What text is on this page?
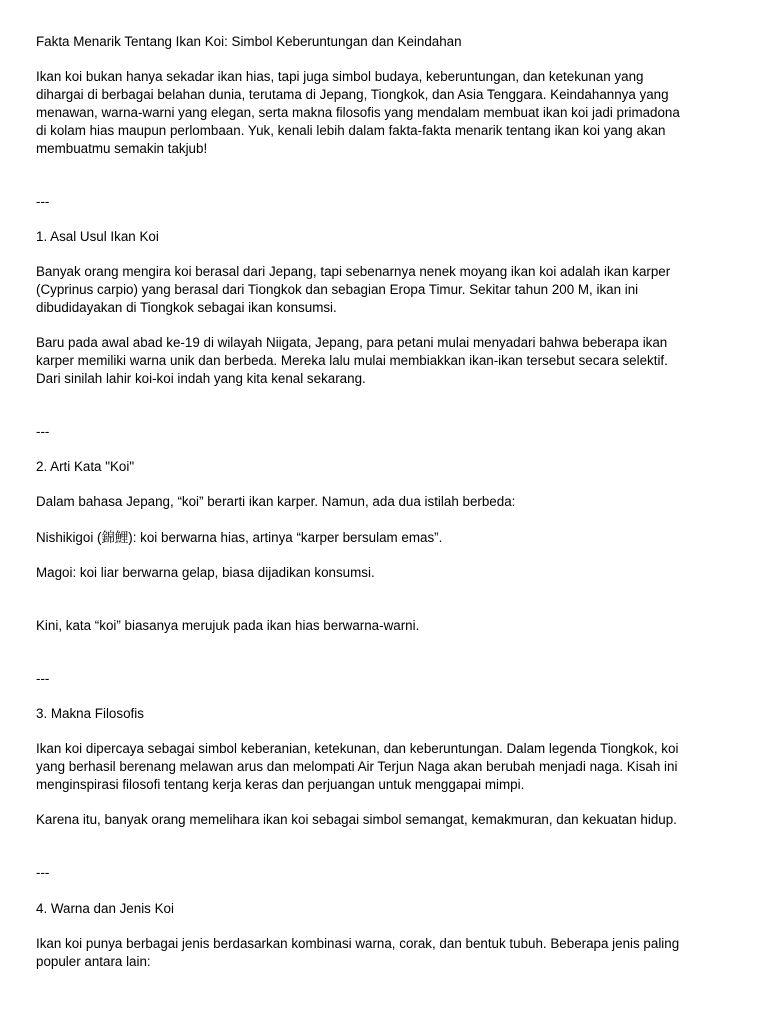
Fakta Menarik Tentang Ikan Koi: Simbol Keberuntungan dan Keindahan

Ikan koi bukan hanya sekadar ikan hias, tapi juga simbol budaya, keberuntungan, dan ketekunan yang

dihargai di berbagai belahan dunia, terutama di Jepang, Tiongkok, dan Asia Tenggara. Keindahannya yang

menawan, warna-warni yang elegan, serta makna filosofis yang mendalam membuat ikan koi jadi primadona

di kolam hias maupun perlombaan. Yuk, kenali lebih dalam fakta-fakta menarik tentang ikan koi yang akan

membuatmu semakin takjub!

---

1. Asal Usul Ikan Koi

Banyak orang mengira koi berasal dari Jepang, tapi sebenarnya nenek moyang ikan koi adalah ikan karper

(Cyprinus carpio) yang berasal dari Tiongkok dan sebagian Eropa Timur. Sekitar tahun 200 M, ikan ini

dibudidayakan di Tiongkok sebagai ikan konsumsi.

Baru pada awal abad ke-19 di wilayah Niigata, Jepang, para petani mulai menyadari bahwa beberapa ikan

karper memiliki warna unik dan berbeda. Mereka lalu mulai membiakkan ikan-ikan tersebut secara selektif.

Dari sinilah lahir koi-koi indah yang kita kenal sekarang.

---

2. Arti Kata "Koi"

Dalam bahasa Jepang, “koi” berarti ikan karper. Namun, ada dua istilah berbeda:

Nishikigoi (錦鯉): koi berwarna hias, artinya “karper bersulam emas”.

Magoi: koi liar berwarna gelap, biasa dijadikan konsumsi.

Kini, kata “koi” biasanya merujuk pada ikan hias berwarna-warni.

---

3. Makna Filosofis

Ikan koi dipercaya sebagai simbol keberanian, ketekunan, dan keberuntungan. Dalam legenda Tiongkok, koi

yang berhasil berenang melawan arus dan melompati Air Terjun Naga akan berubah menjadi naga. Kisah ini

menginspirasi filosofi tentang kerja keras dan perjuangan untuk menggapai mimpi.

Karena itu, banyak orang memelihara ikan koi sebagai simbol semangat, kemakmuran, dan kekuatan hidup.

---

4. Warna dan Jenis Koi

Ikan koi punya berbagai jenis berdasarkan kombinasi warna, corak, dan bentuk tubuh. Beberapa jenis paling

populer antara lain:
